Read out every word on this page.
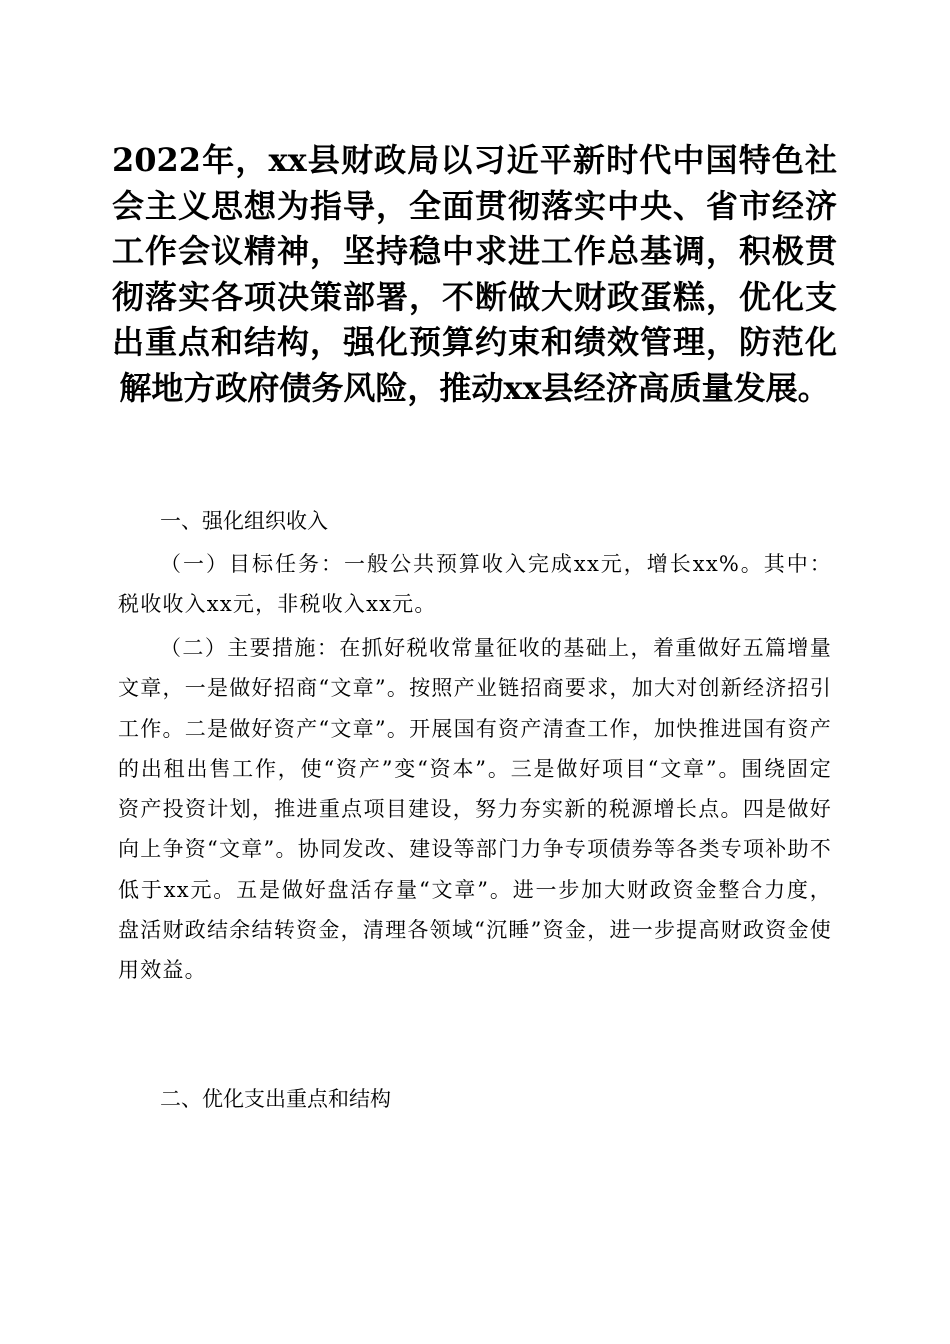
2022年，xx县财政局以习近平新时代中国特色社会主义思想为指导，全面贯彻落实中央、省市经济工作会议精神，坚持稳中求进工作总基调，积极贯彻落实各项决策部署，不断做大财政蛋糕，优化支出重点和结构，强化预算约束和绩效管理，防范化解地方政府债务风险，推动xx县经济高质量发展。

一、强化组织收入

（一）目标任务：一般公共预算收入完成xx元，增长xx%。其中：税收收入xx元，非税收入xx元。

（二）主要措施：在抓好税收常量征收的基础上，着重做好五篇增量文章，一是做好招商“文章”。按照产业链招商要求，加大对创新经济招引工作。二是做好资产“文章”。开展国有资产清查工作，加快推进国有资产的出租出售工作，使“资产”变“资本”。三是做好项目“文章”。围绕固定资产投资计划，推进重点项目建设，努力夯实新的税源增长点。四是做好向上争资“文章”。协同发改、建设等部门力争专项债券等各类专项补助不低于xx元。五是做好盘活存量“文章”。进一步加大财政资金整合力度，盘活财政结余结转资金，清理各领域“沉睡”资金，进一步提高财政资金使用效益。

二、优化支出重点和结构
